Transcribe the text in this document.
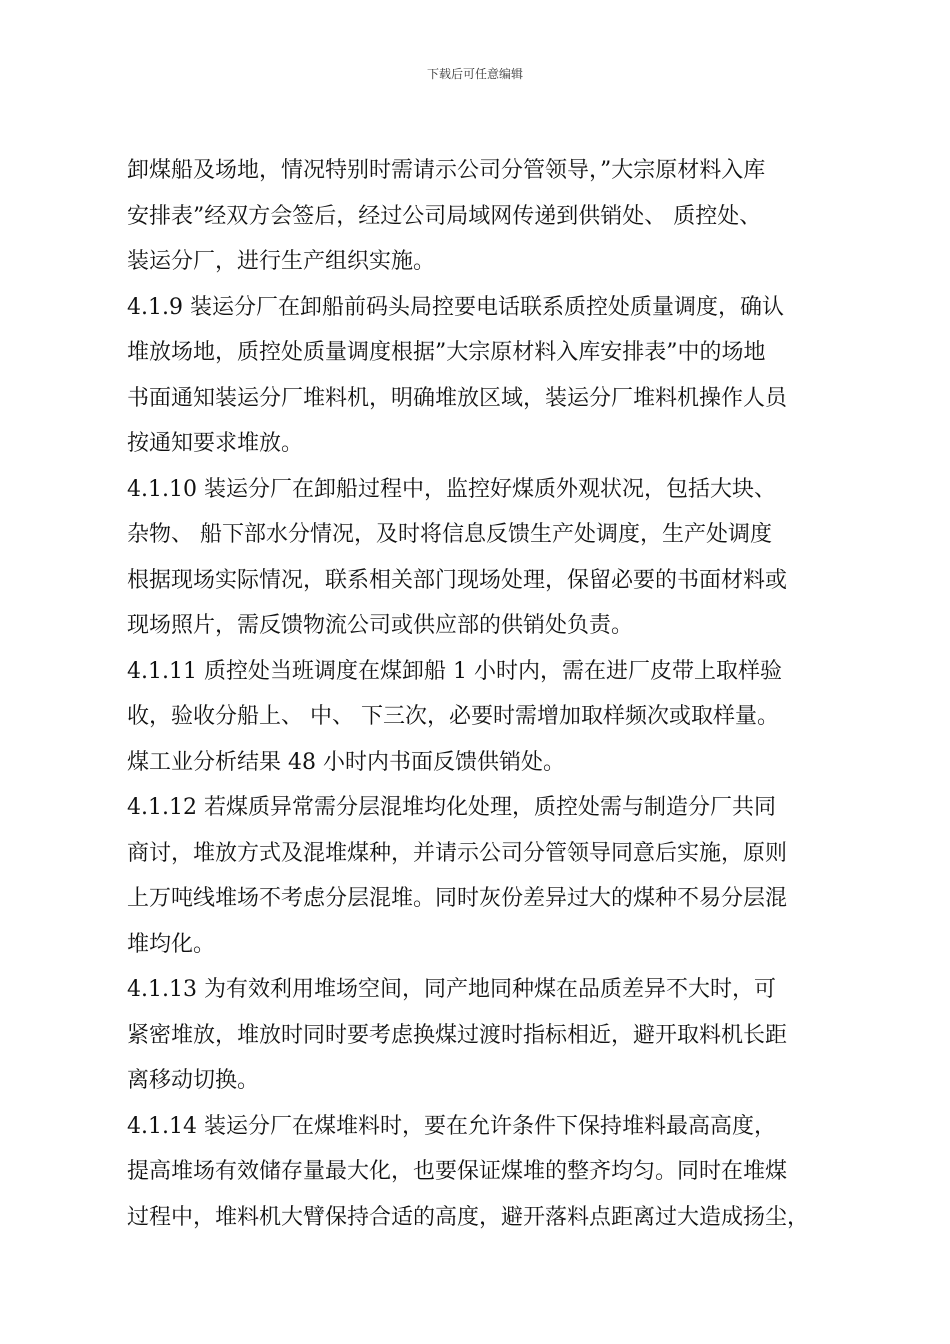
下载后可任意编辑
卸煤船及场地，情况特别时需请示公司分管领导，”大宗原材料入库
安排表”经双方会签后，经过公司局域网传递到供销处、 质控处、
装运分厂，进行生产组织实施。
4.1.9 装运分厂在卸船前码头局控要电话联系质控处质量调度，确认
堆放场地，质控处质量调度根据”大宗原材料入库安排表”中的场地
书面通知装运分厂堆料机，明确堆放区域，装运分厂堆料机操作人员
按通知要求堆放。
4.1.10 装运分厂在卸船过程中，监控好煤质外观状况，包括大块、
杂物、 船下部水分情况，及时将信息反馈生产处调度，生产处调度
根据现场实际情况，联系相关部门现场处理，保留必要的书面材料或
现场照片，需反馈物流公司或供应部的供销处负责。
4.1.11 质控处当班调度在煤卸船 1 小时内，需在进厂皮带上取样验
收，验收分船上、 中、 下三次，必要时需增加取样频次或取样量。
煤工业分析结果 48 小时内书面反馈供销处。
4.1.12 若煤质异常需分层混堆均化处理，质控处需与制造分厂共同
商讨，堆放方式及混堆煤种，并请示公司分管领导同意后实施，原则
上万吨线堆场不考虑分层混堆。同时灰份差异过大的煤种不易分层混
堆均化。
4.1.13 为有效利用堆场空间，同产地同种煤在品质差异不大时，可
紧密堆放，堆放时同时要考虑换煤过渡时指标相近，避开取料机长距
离移动切换。
4.1.14 装运分厂在煤堆料时，要在允许条件下保持堆料最高高度，
提高堆场有效储存量最大化，也要保证煤堆的整齐均匀。同时在堆煤
过程中，堆料机大臂保持合适的高度，避开落料点距离过大造成扬尘，
